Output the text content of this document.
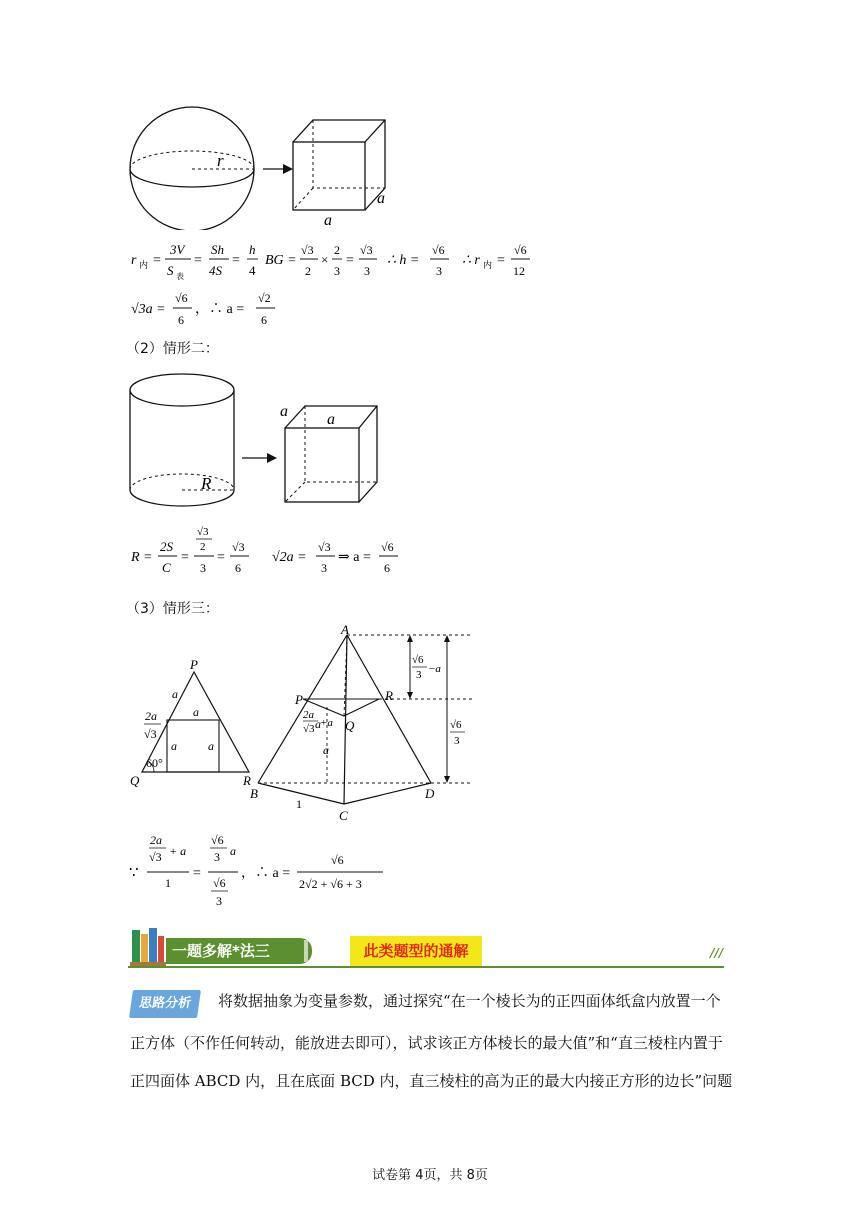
r
a
a
r 内 =
3V
S 表
=
Sh
4S
=
h
4
BG =
√3
2
×
2
3
=
√3
3
∴ h =
√6
3
∴ r 内 =
√6
12
√3a =
√6
6
，∴ a =
√2
6
（2）情形二：
R
a a
R =
2S
C
=
√3
2
3
=
√3
6
√2a =
√3
3
⇒ a =
√6
6
（3）情形三：
P
Q	R
a
a
a	a
2a
√3
60°
A
B
C
D
P
Q
R
1
a
a
2a
√3 +a
√6
3 −a
√6
3
∵
2a
√3 + a
1
=
√6
3 a
√6
3
，∴ a =
√6
2√2 + √6 + 3
一题多解*法三	此类题型的通解	///
思路分析	将数据抽象为变量参数，通过探究“在一个棱长为的正四面体纸盒内放置一个
正方体（不作任何转动，能放进去即可），试求该正方体棱长的最大值”和“直三棱柱内置于
正四面体 ABCD 内，且在底面 BCD 内，直三棱柱的高为正的最大内接正方形的边长”问题
试卷第 4页，共 8页
